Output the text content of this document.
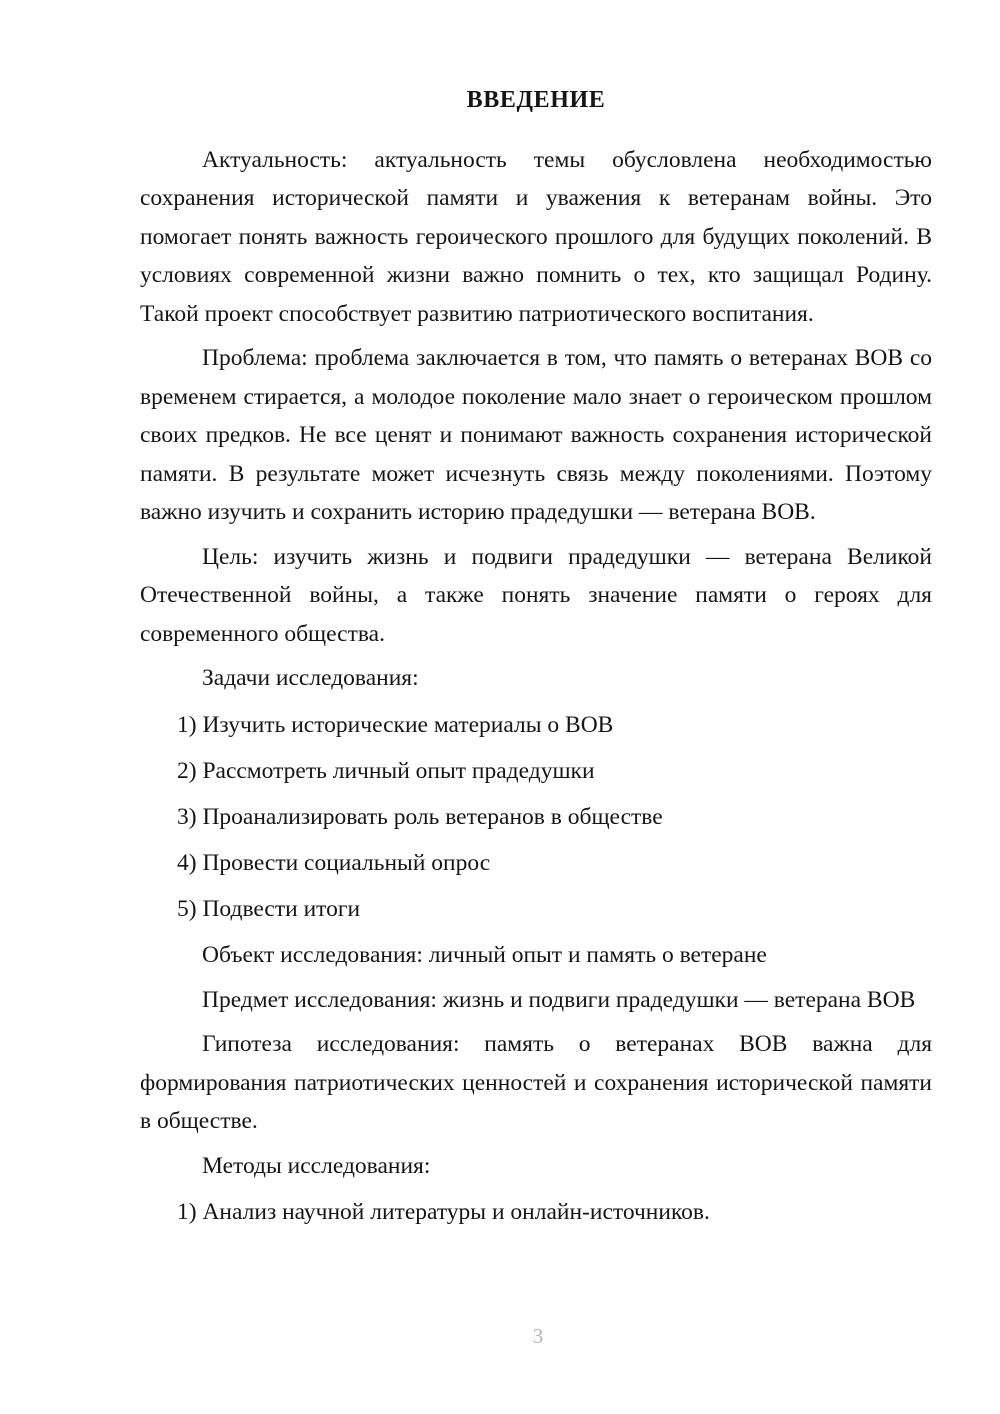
ВВЕДЕНИЕ

Актуальность: актуальность темы обусловлена необходимостью сохранения исторической памяти и уважения к ветеранам войны. Это помогает понять важность героического прошлого для будущих поколений. В условиях современной жизни важно помнить о тех, кто защищал Родину. Такой проект способствует развитию патриотического воспитания.

Проблема: проблема заключается в том, что память о ветеранах ВОВ со временем стирается, а молодое поколение мало знает о героическом прошлом своих предков. Не все ценят и понимают важность сохранения исторической памяти. В результате может исчезнуть связь между поколениями. Поэтому важно изучить и сохранить историю прадедушки — ветерана ВОВ.

Цель: изучить жизнь и подвиги прадедушки — ветерана Великой Отечественной войны, а также понять значение памяти о героях для современного общества.

Задачи исследования:

1) Изучить исторические материалы о ВОВ
2) Рассмотреть личный опыт прадедушки
3) Проанализировать роль ветеранов в обществе
4) Провести социальный опрос
5) Подвести итоги

Объект исследования: личный опыт и память о ветеране

Предмет исследования: жизнь и подвиги прадедушки — ветерана ВОВ

Гипотеза исследования: память о ветеранах ВОВ важна для формирования патриотических ценностей и сохранения исторической памяти в обществе.

Методы исследования:

1) Анализ научной литературы и онлайн-источников.
3
